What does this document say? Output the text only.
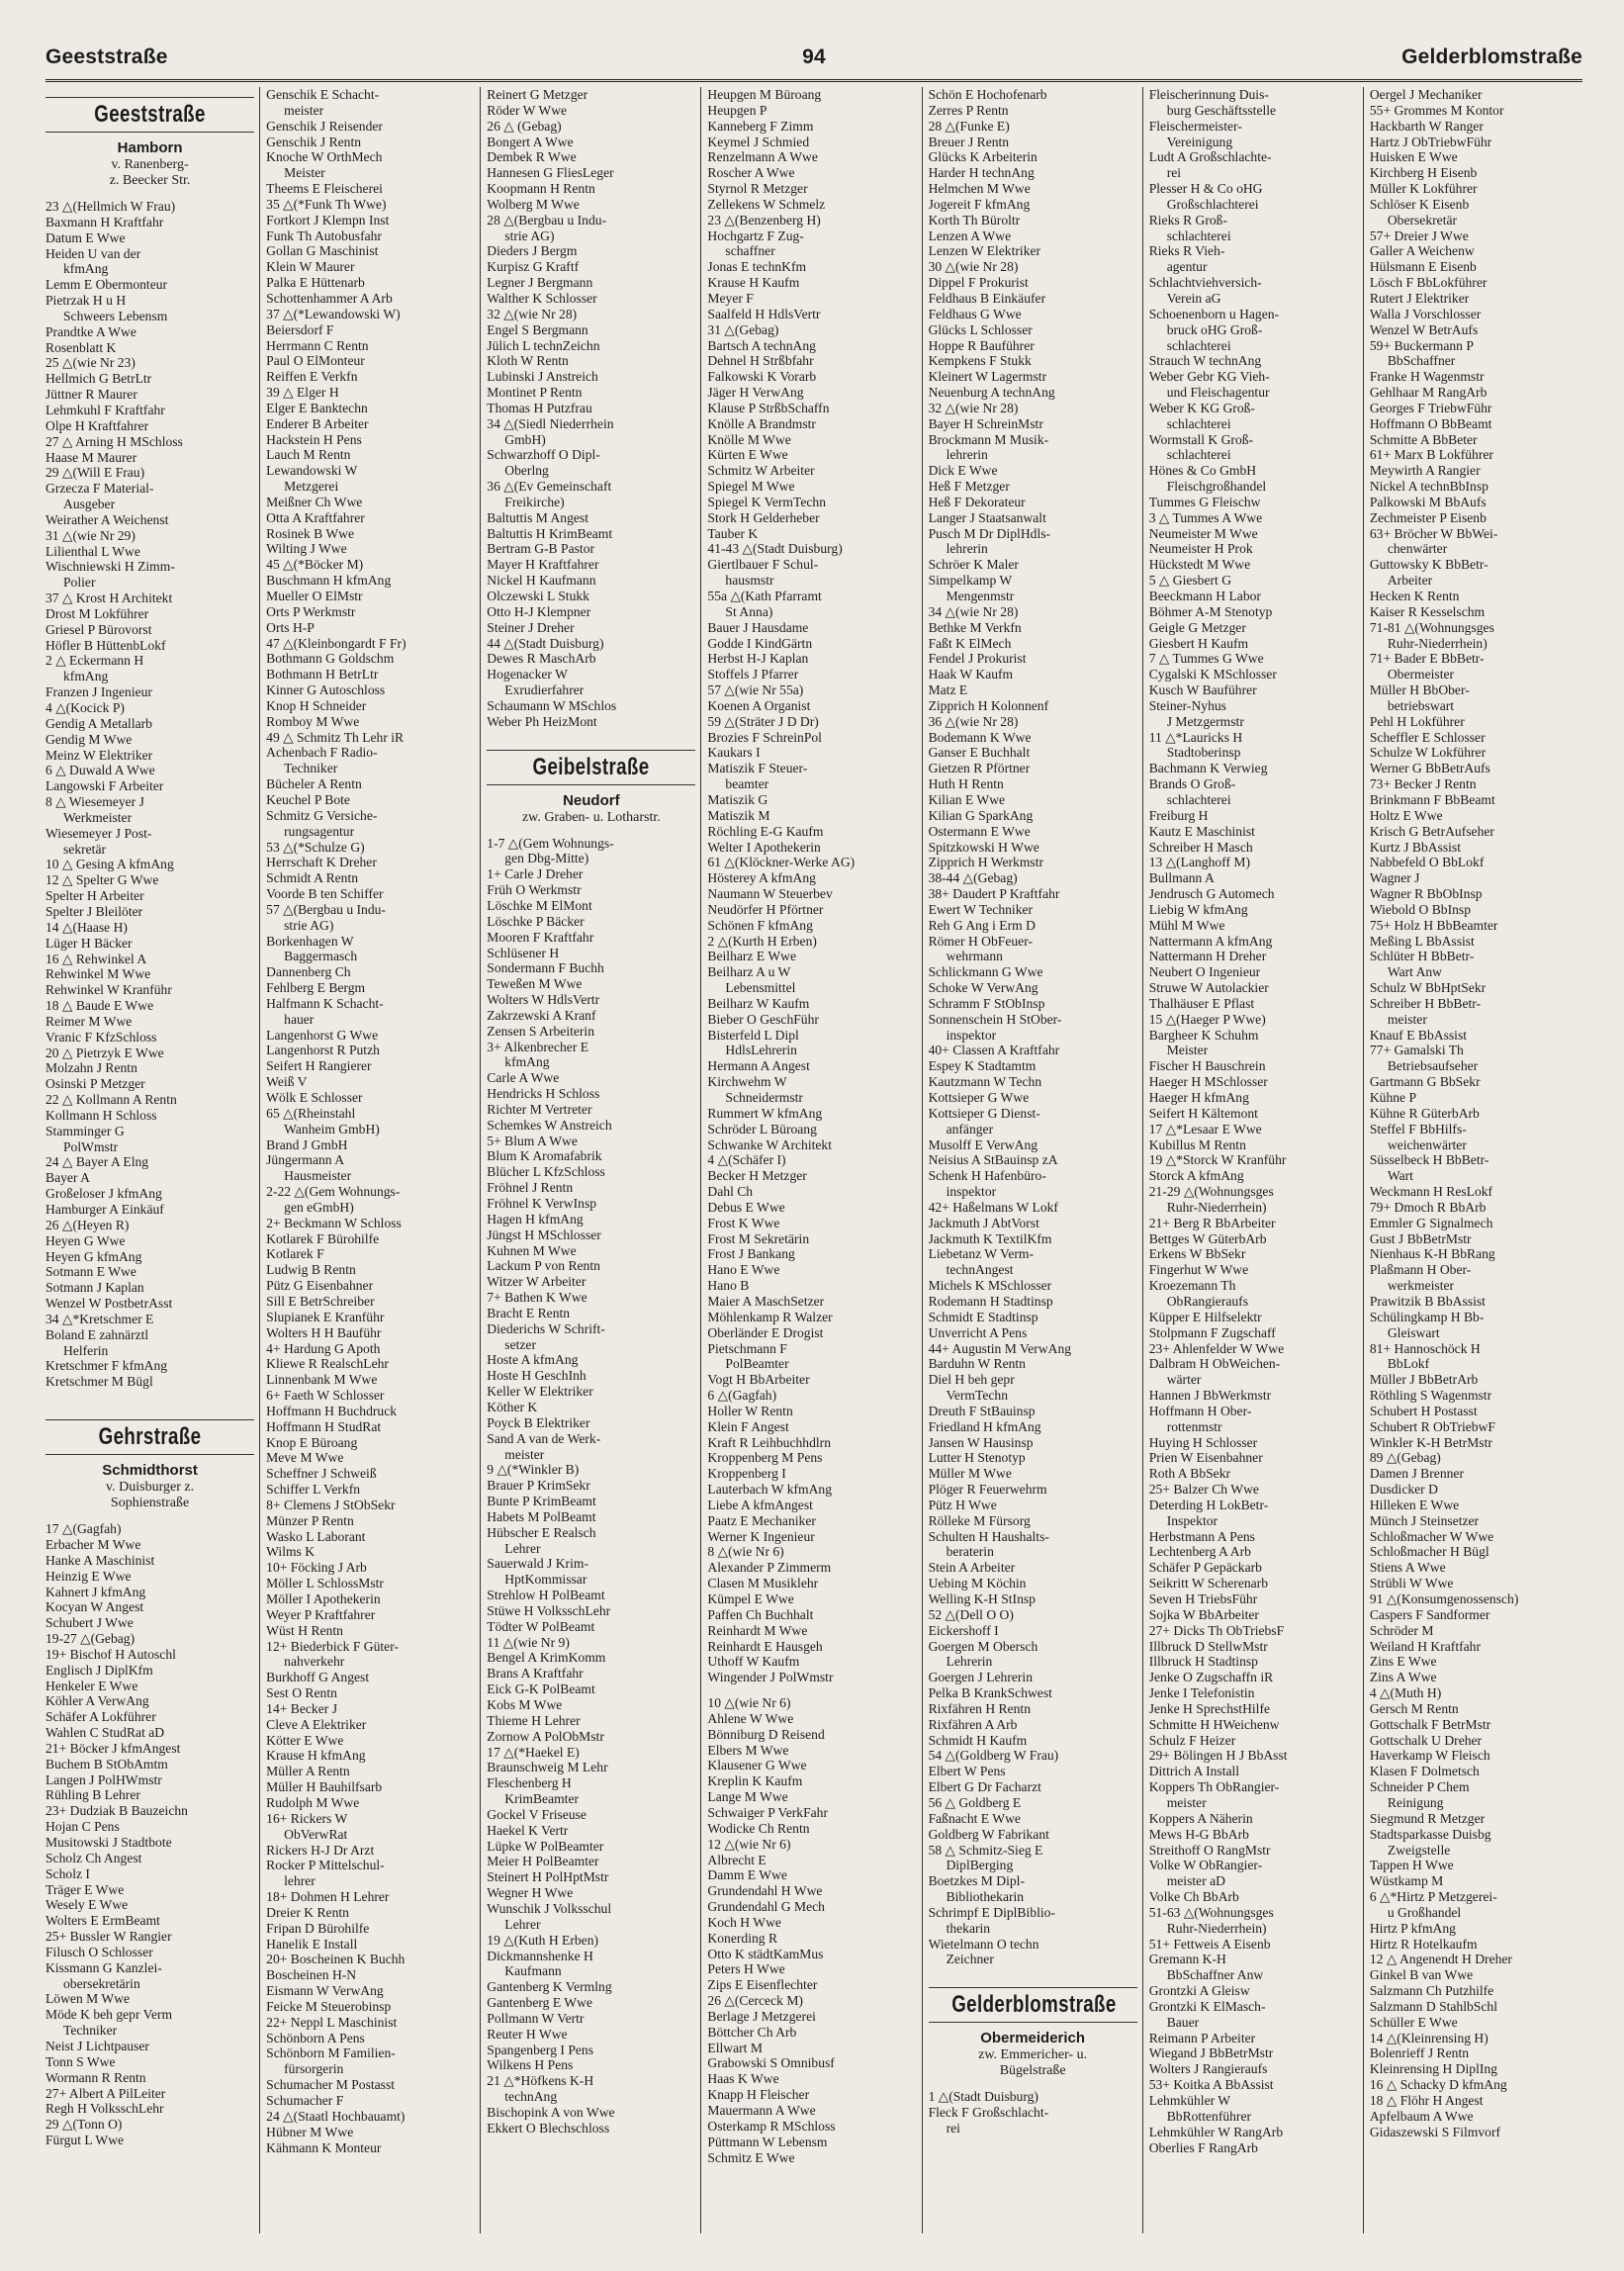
Geeststraße	94	Gelderblomstraße
Geeststraße
Hamborn
v. Ranenberg-
z. Beecker Str.
23 △(Hellmich W Frau)
Baxmann H Kraftfahr
Datum E Wwe
Heiden U van der
kfmAng
Lemm E Obermonteur
Pietrzak H u H
Schweers Lebensm
Prandtke A Wwe
Rosenblatt K
25 △(wie Nr 23)
Hellmich G BetrLtr
Jüttner R Maurer
Lehmkuhl F Kraftfahr
Olpe H Kraftfahrer
27 △ Arning H MSchloss
Haase M Maurer
29 △(Will E Frau)
Grzecza F Material-
Ausgeber
Weirather A Weichenst
31 △(wie Nr 29)
Lilienthal L Wwe
Wischniewski H Zimm-
Polier
37 △ Krost H Architekt
Drost M Lokführer
Griesel P Bürovorst
Höfler B HüttenbLokf
2 △ Eckermann H
kfmAng
Franzen J Ingenieur
4 △(Kocick P)
Gendig A Metallarb
Gendig M Wwe
Meinz W Elektriker
6 △ Duwald A Wwe
Langowski F Arbeiter
8 △ Wiesemeyer J
Werkmeister
Wiesemeyer J Post-
sekretär
10 △ Gesing A kfmAng
12 △ Spelter G Wwe
Spelter H Arbeiter
Spelter J Bleilöter
14 △(Haase H)
Lüger H Bäcker
16 △ Rehwinkel A
Rehwinkel M Wwe
Rehwinkel W Kranführ
18 △ Baude E Wwe
Reimer M Wwe
Vranic F KfzSchloss
20 △ Pietrzyk E Wwe
Molzahn J Rentn
Osinski P Metzger
22 △ Kollmann A Rentn
Kollmann H Schloss
Stamminger G
PolWmstr
24 △ Bayer A Elng
Bayer A
Großeloser J kfmAng
Hamburger A Einkäuf
26 △(Heyen R)
Heyen G Wwe
Heyen G kfmAng
Sotmann E Wwe
Sotmann J Kaplan
Wenzel W PostbetrAsst
34 △*Kretschmer E
Boland E zahnärztl
Helferin
Kretschmer F kfmAng
Kretschmer M Bügl
Gehrstraße
Schmidthorst
v. Duisburger z.
Sophienstraße
17 △(Gagfah)
Erbacher M Wwe
Hanke A Maschinist
Heinzig E Wwe
Kahnert J kfmAng
Kocyan W Angest
Schubert J Wwe
19-27 △(Gebag)
19+ Bischof H Autoschl
Englisch J DiplKfm
Henkeler E Wwe
Köhler A VerwAng
Schäfer A Lokführer
Wahlen C StudRat aD
21+ Böcker J kfmAngest
Buchem B StObAmtm
Langen J PolHWmstr
Rühling B Lehrer
23+ Dudziak B Bauzeichn
Hojan C Pens
Musitowski J Stadtbote
Scholz Ch Angest
Scholz I
Träger E Wwe
Wesely E Wwe
Wolters E ErmBeamt
25+ Bussler W Rangier
Filusch O Schlosser
Kissmann G Kanzlei-
obersekretärin
Löwen M Wwe
Möde K beh gepr Verm
Techniker
Neist J Lichtpauser
Tonn S Wwe
Wormann R Rentn
27+ Albert A PilLeiter
Regh H VolksschLehr
29 △(Tonn O)
Fürgut L Wwe
Genschik E Schacht-
meister
Genschik J Reisender
Genschik J Rentn
Knoche W OrthMech
Meister
Theems E Fleischerei
35 △(*Funk Th Wwe)
Fortkort J Klempn Inst
Funk Th Autobusfahr
Gollan G Maschinist
Klein W Maurer
Palka E Hüttenarb
Schottenhammer A Arb
37 △(*Lewandowski W)
Beiersdorf F
Herrmann C Rentn
Paul O ElMonteur
Reiffen E Verkfn
39 △ Elger H
Elger E Banktechn
Enderer B Arbeiter
Hackstein H Pens
Lauch M Rentn
Lewandowski W
Metzgerei
Meißner Ch Wwe
Otta A Kraftfahrer
Rosinek B Wwe
Wilting J Wwe
45 △(*Böcker M)
Buschmann H kfmAng
Mueller O ElMstr
Orts P Werkmstr
Orts H-P
47 △(Kleinbongardt F Fr)
Bothmann G Goldschm
Bothmann H BetrLtr
Kinner G Autoschloss
Knop H Schneider
Romboy M Wwe
49 △ Schmitz Th Lehr iR
Achenbach F Radio-
Techniker
Bücheler A Rentn
Keuchel P Bote
Schmitz G Versiche-
rungsagentur
53 △(*Schulze G)
Herrschaft K Dreher
Schmidt A Rentn
Voorde B ten Schiffer
57 △(Bergbau u Indu-
strie AG)
Borkenhagen W
Baggermasch
Dannenberg Ch
Fehlberg E Bergm
Halfmann K Schacht-
hauer
Langenhorst G Wwe
Langenhorst R Putzh
Seifert H Rangierer
Weiß V
Wölk E Schlosser
65 △(Rheinstahl
Wanheim GmbH)
Brand J GmbH
Jüngermann A
Hausmeister
2-22 △(Gem Wohnungs-
gen eGmbH)
2+ Beckmann W Schloss
Kotlarek F Bürohilfe
Kotlarek F
Ludwig B Rentn
Pütz G Eisenbahner
Sill E BetrSchreiber
Slupianek E Kranführ
Wolters H H Bauführ
4+ Hardung G Apoth
Kliewe R RealschLehr
Linnenbank M Wwe
6+ Faeth W Schlosser
Hoffmann H Buchdruck
Hoffmann H StudRat
Knop E Büroang
Meve M Wwe
Scheffner J Schweiß
Schiffer L Verkfn
8+ Clemens J StObSekr
Münzer P Rentn
Wasko L Laborant
Wilms K
10+ Föcking J Arb
Möller L SchlossMstr
Möller I Apothekerin
Weyer P Kraftfahrer
Wüst H Rentn
12+ Biederbick F Güter-
nahverkehr
Burkhoff G Angest
Sest O Rentn
14+ Becker J
Cleve A Elektriker
Kötter E Wwe
Krause H kfmAng
Müller A Rentn
Müller H Bauhilfsarb
Rudolph M Wwe
16+ Rickers W
ObVerwRat
Rickers H-J Dr Arzt
Rocker P Mittelschul-
lehrer
18+ Dohmen H Lehrer
Dreier K Rentn
Fripan D Bürohilfe
Hanelik E Install
20+ Boscheinen K Buchh
Boscheinen H-N
Eismann W VerwAng
Feicke M Steuerobinsp
22+ Neppl L Maschinist
Schönborn A Pens
Schönborn M Familien-
fürsorgerin
Schumacher M Postasst
Schumacher F
24 △(Staatl Hochbauamt)
Hübner M Wwe
Kähmann K Monteur
Reinert G Metzger
Röder W Wwe
26 △ (Gebag)
Bongert A Wwe
Dembek R Wwe
Hannesen G FliesLeger
Koopmann H Rentn
Wolberg M Wwe
28 △(Bergbau u Indu-
strie AG)
Dieders J Bergm
Kurpisz G Kraftf
Legner J Bergmann
Walther K Schlosser
32 △(wie Nr 28)
Engel S Bergmann
Jülich L technZeichn
Kloth W Rentn
Lubinski J Anstreich
Montinet P Rentn
Thomas H Putzfrau
34 △(Siedl Niederrhein
GmbH)
Schwarzhoff O Dipl-
Oberlng
36 △(Ev Gemeinschaft
Freikirche)
Baltuttis M Angest
Baltuttis H KrimBeamt
Bertram G-B Pastor
Mayer H Kraftfahrer
Nickel H Kaufmann
Olczewski L Stukk
Otto H-J Klempner
Steiner J Dreher
44 △(Stadt Duisburg)
Dewes R MaschArb
Hogenacker W
Exrudierfahrer
Schaumann W MSchlos
Weber Ph HeizMont
Geibelstraße
Neudorf
zw. Graben- u. Lotharstr.
1-7 △(Gem Wohnungs-
gen Dbg-Mitte)
1+ Carle J Dreher
Früh O Werkmstr
Löschke M ElMont
Löschke P Bäcker
Mooren F Kraftfahr
Schlüsener H
Sondermann F Buchh
Teweßen M Wwe
Wolters W HdlsVertr
Zakrzewski A Kranf
Zensen S Arbeiterin
3+ Alkenbrecher E
kfmAng
Carle A Wwe
Hendricks H Schloss
Richter M Vertreter
Schemkes W Anstreich
5+ Blum A Wwe
Blum K Aromafabrik
Blücher L KfzSchloss
Fröhnel J Rentn
Fröhnel K VerwInsp
Hagen H kfmAng
Jüngst H MSchlosser
Kuhnen M Wwe
Lackum P von Rentn
Witzer W Arbeiter
7+ Bathen K Wwe
Bracht E Rentn
Diederichs W Schrift-
setzer
Hoste A kfmAng
Hoste H GeschInh
Keller W Elektriker
Köther K
Poyck B Elektriker
Sand A van de Werk-
meister
9 △(*Winkler B)
Brauer P KrimSekr
Bunte P KrimBeamt
Habets M PolBeamt
Hübscher E Realsch
Lehrer
Sauerwald J Krim-
HptKommissar
Strehlow H PolBeamt
Stüwe H VolksschLehr
Tödter W PolBeamt
11 △(wie Nr 9)
Bengel A KrimKomm
Brans A Kraftfahr
Eick G-K PolBeamt
Kobs M Wwe
Thieme H Lehrer
Zornow A PolObMstr
17 △(*Haekel E)
Braunschweig M Lehr
Fleschenberg H
KrimBeamter
Gockel V Friseuse
Haekel K Vertr
Lüpke W PolBeamter
Meier H PolBeamter
Steinert H PolHptMstr
Wegner H Wwe
Wunschik J Volksschul
Lehrer
19 △(Kuth H Erben)
Dickmannshenke H
Kaufmann
Gantenberg K Vermlng
Gantenberg E Wwe
Pollmann W Vertr
Reuter H Wwe
Spangenberg I Pens
Wilkens H Pens
21 △*Höfkens K-H
technAng
Bischopink A von Wwe
Ekkert O Blechschloss
Heupgen M Büroang
Heupgen P
Kanneberg F Zimm
Keymel J Schmied
Renzelmann A Wwe
Roscher A Wwe
Styrnol R Metzger
Zellekens W Schmelz
23 △(Benzenberg H)
Hochgartz F Zug-
schaffner
Jonas E technKfm
Krause H Kaufm
Meyer F
Saalfeld H HdlsVertr
31 △(Gebag)
Bartsch A technAng
Dehnel H Strßbfahr
Falkowski K Vorarb
Jäger H VerwAng
Klause P StrßbSchaffn
Knölle A Brandmstr
Knölle M Wwe
Kürten E Wwe
Schmitz W Arbeiter
Spiegel M Wwe
Spiegel K VermTechn
Stork H Gelderheber
Tauber K
41-43 △(Stadt Duisburg)
Giertlbauer F Schul-
hausmstr
55a △(Kath Pfarramt
St Anna)
Bauer J Hausdame
Godde I KindGärtn
Herbst H-J Kaplan
Stoffels J Pfarrer
57 △(wie Nr 55a)
Koenen A Organist
59 △(Sträter J D Dr)
Brozies F SchreinPol
Kaukars I
Matiszik F Steuer-
beamter
Matiszik G
Matiszik M
Röchling E-G Kaufm
Welter I Apothekerin
61 △(Klöckner-Werke AG)
Hösterey A kfmAng
Naumann W Steuerbev
Neudörfer H Pförtner
Schönen F kfmAng
2 △(Kurth H Erben)
Beilharz E Wwe
Beilharz A u W
Lebensmittel
Beilharz W Kaufm
Bieber O GeschFühr
Bisterfeld L Dipl
HdlsLehrerin
Hermann A Angest
Kirchwehm W
Schneidermstr
Rummert W kfmAng
Schröder L Büroang
Schwanke W Architekt
4 △(Schäfer I)
Becker H Metzger
Dahl Ch
Debus E Wwe
Frost K Wwe
Frost M Sekretärin
Frost J Bankang
Hano E Wwe
Hano B
Maier A MaschSetzer
Möhlenkamp R Walzer
Oberländer E Drogist
Pietschmann F
PolBeamter
Vogt H BbArbeiter
6 △(Gagfah)
Holler W Rentn
Klein F Angest
Kraft R Leihbuchhdlrn
Kroppenberg M Pens
Kroppenberg I
Lauterbach W kfmAng
Liebe A kfmAngest
Paatz E Mechaniker
Werner K Ingenieur
8 △(wie Nr 6)
Alexander P Zimmerm
Clasen M Musiklehr
Kümpel E Wwe
Paffen Ch Buchhalt
Reinhardt M Wwe
Reinhardt E Hausgeh
Uthoff W Kaufm
Wingender J PolWmstr
10 △(wie Nr 6)
Ahlene W Wwe
Bönniburg D Reisend
Elbers M Wwe
Klausener G Wwe
Kreplin K Kaufm
Lange M Wwe
Schwaiger P VerkFahr
Wodicke Ch Rentn
12 △(wie Nr 6)
Albrecht E
Damm E Wwe
Grundendahl H Wwe
Grundendahl G Mech
Koch H Wwe
Konerding R
Otto K städtKamMus
Peters H Wwe
Zips E Eisenflechter
26 △(Cerceck M)
Berlage J Metzgerei
Böttcher Ch Arb
Ellwart M
Grabowski S Omnibusf
Haas K Wwe
Knapp H Fleischer
Mauermann A Wwe
Osterkamp R MSchloss
Püttmann W Lebensm
Schmitz E Wwe
Schön E Hochofenarb
Zerres P Rentn
28 △(Funke E)
Breuer J Rentn
Glücks K Arbeiterin
Harder H technAng
Helmchen M Wwe
Jogereit F kfmAng
Korth Th Büroltr
Lenzen A Wwe
Lenzen W Elektriker
30 △(wie Nr 28)
Dippel F Prokurist
Feldhaus B Einkäufer
Feldhaus G Wwe
Glücks L Schlosser
Hoppe R Bauführer
Kempkens F Stukk
Kleinert W Lagermstr
Neuenburg A technAng
32 △(wie Nr 28)
Bayer H SchreinMstr
Brockmann M Musik-
lehrerin
Dick E Wwe
Heß F Metzger
Heß F Dekorateur
Langer J Staatsanwalt
Pusch M Dr DiplHdls-
lehrerin
Schröer K Maler
Simpelkamp W
Mengenmstr
34 △(wie Nr 28)
Bethke M Verkfn
Faßt K ElMech
Fendel J Prokurist
Haak W Kaufm
Matz E
Zipprich H Kolonnenf
36 △(wie Nr 28)
Bodemann K Wwe
Ganser E Buchhalt
Gietzen R Pförtner
Huth H Rentn
Kilian E Wwe
Kilian G SparkAng
Ostermann E Wwe
Spitzkowski H Wwe
Zipprich H Werkmstr
38-44 △(Gebag)
38+ Daudert P Kraftfahr
Ewert W Techniker
Reh G Ang i Erm D
Römer H ObFeuer-
wehrmann
Schlickmann G Wwe
Schoke W VerwAng
Schramm F StObInsp
Sonnenschein H StOber-
inspektor
40+ Classen A Kraftfahr
Espey K Stadtamtm
Kautzmann W Techn
Kottsieper G Wwe
Kottsieper G Dienst-
anfänger
Musolff E VerwAng
Neisius A StBauinsp zA
Schenk H Hafenbüro-
inspektor
42+ Haßelmans W Lokf
Jackmuth J AbtVorst
Jackmuth K TextilKfm
Liebetanz W Verm-
technAngest
Michels K MSchlosser
Rodemann H Stadtinsp
Schmidt E Stadtinsp
Unverricht A Pens
44+ Augustin M VerwAng
Barduhn W Rentn
Diel H beh gepr
VermTechn
Dreuth F StBauinsp
Friedland H kfmAng
Jansen W Hausinsp
Lutter H Stenotyp
Müller M Wwe
Plöger R Feuerwehrm
Pütz H Wwe
Rölleke M Fürsorg
Schulten H Haushalts-
beraterin
Stein A Arbeiter
Uebing M Köchin
Welling K-H StInsp
52 △(Dell O O)
Eickershoff I
Goergen M Obersch
Lehrerin
Goergen J Lehrerin
Pelka B KrankSchwest
Rixfähren H Rentn
Rixfähren A Arb
Schmidt H Kaufm
54 △(Goldberg W Frau)
Elbert W Pens
Elbert G Dr Facharzt
56 △ Goldberg E
Faßnacht E Wwe
Goldberg W Fabrikant
58 △ Schmitz-Sieg E
DiplBerging
Boetzkes M Dipl-
Bibliothekarin
Schrimpf E DiplBiblio-
thekarin
Wietelmann O techn
Zeichner
Gelderblomstraße
Obermeiderich
zw. Emmericher- u.
Bügelstraße
1 △(Stadt Duisburg)
Fleck F Großschlacht-
rei
Fleischerinnung Duis-
burg Geschäftsstelle
Fleischermeister-
Vereinigung
Ludt A Großschlachte-
rei
Plesser H & Co oHG
Großschlachterei
Rieks R Groß-
schlachterei
Rieks R Vieh-
agentur
Schlachtviehversich-
Verein aG
Schoenenborn u Hagen-
bruck oHG Groß-
schlachterei
Strauch W technAng
Weber Gebr KG Vieh-
und Fleischagentur
Weber K KG Groß-
schlachterei
Wormstall K Groß-
schlachterei
Hönes & Co GmbH
Fleischgroßhandel
Tummes G Fleischw
3 △ Tummes A Wwe
Neumeister M Wwe
Neumeister H Prok
Hückstedt M Wwe
5 △ Giesbert G
Beeckmann H Labor
Böhmer A-M Stenotyp
Geigle G Metzger
Giesbert H Kaufm
7 △ Tummes G Wwe
Cygalski K MSchlosser
Kusch W Bauführer
Steiner-Nyhus
J Metzgermstr
11 △*Lauricks H
Stadtoberinsp
Bachmann K Verwieg
Brands O Groß-
schlachterei
Freiburg H
Kautz E Maschinist
Schreiber H Masch
13 △(Langhoff M)
Bullmann A
Jendrusch G Automech
Liebig W kfmAng
Mühl M Wwe
Nattermann A kfmAng
Nattermann H Dreher
Neubert O Ingenieur
Struwe W Autolackier
Thalhäuser E Pflast
15 △(Haeger P Wwe)
Bargheer K Schuhm
Meister
Fischer H Bauschrein
Haeger H MSchlosser
Haeger H kfmAng
Seifert H Kältemont
17 △*Lesaar E Wwe
Kubillus M Rentn
19 △*Storck W Kranführ
Storck A kfmAng
21-29 △(Wohnungsges
Ruhr-Niederrhein)
21+ Berg R BbArbeiter
Bettges W GüterbArb
Erkens W BbSekr
Fingerhut W Wwe
Kroezemann Th
ObRangieraufs
Küpper E Hilfselektr
Stolpmann F Zugschaff
23+ Ahlenfelder W Wwe
Dalbram H ObWeichen-
wärter
Hannen J BbWerkmstr
Hoffmann H Ober-
rottenmstr
Huying H Schlosser
Prien W Eisenbahner
Roth A BbSekr
25+ Balzer Ch Wwe
Deterding H LokBetr-
Inspektor
Herbstmann A Pens
Lechtenberg A Arb
Schäfer P Gepäckarb
Seikritt W Scherenarb
Seven H TriebsFühr
Sojka W BbArbeiter
27+ Dicks Th ObTriebsF
Illbruck D StellwMstr
Illbruck H Stadtinsp
Jenke O Zugschaffn iR
Jenke I Telefonistin
Jenke H SprechstHilfe
Schmitte H HWeichenw
Schulz F Heizer
29+ Bölingen H J BbAsst
Dittrich A Install
Koppers Th ObRangier-
meister
Koppers A Näherin
Mews H-G BbArb
Streithoff O RangMstr
Volke W ObRangier-
meister aD
Volke Ch BbArb
51-63 △(Wohnungsges
Ruhr-Niederrhein)
51+ Fettweis A Eisenb
Gremann K-H
BbSchaffner Anw
Grontzki A Gleisw
Grontzki K ElMasch-
Bauer
Reimann P Arbeiter
Wiegand J BbBetrMstr
Wolters J Rangieraufs
53+ Koitka A BbAssist
Lehmkühler W
BbRottenführer
Lehmkühler W RangArb
Oberlies F RangArb
Oergel J Mechaniker
55+ Grommes M Kontor
Hackbarth W Ranger
Hartz J ObTriebwFühr
Huisken E Wwe
Kirchberg H Eisenb
Müller K Lokführer
Schlöser K Eisenb
Obersekretär
57+ Dreier J Wwe
Galler A Weichenw
Hülsmann E Eisenb
Lösch F BbLokführer
Rutert J Elektriker
Walla J Vorschlosser
Wenzel W BetrAufs
59+ Buckermann P
BbSchaffner
Franke H Wagenmstr
Gehlhaar M RangArb
Georges F TriebwFühr
Hoffmann O BbBeamt
Schmitte A BbBeter
61+ Marx B Lokführer
Meywirth A Rangier
Nickel A technBbInsp
Palkowski M BbAufs
Zechmeister P Eisenb
63+ Bröcher W BbWei-
chenwärter
Guttowsky K BbBetr-
Arbeiter
Hecken K Rentn
Kaiser R Kesselschm
71-81 △(Wohnungsges
Ruhr-Niederrhein)
71+ Bader E BbBetr-
Obermeister
Müller H BbOber-
betriebswart
Pehl H Lokführer
Scheffler E Schlosser
Schulze W Lokführer
Werner G BbBetrAufs
73+ Becker J Rentn
Brinkmann F BbBeamt
Holtz E Wwe
Krisch G BetrAufseher
Kurtz J BbAssist
Nabbefeld O BbLokf
Wagner J
Wagner R BbObInsp
Wiebold O BbInsp
75+ Holz H BbBeamter
Meßing L BbAssist
Schlüter H BbBetr-
Wart Anw
Schulz W BbHptSekr
Schreiber H BbBetr-
meister
Knauf E BbAssist
77+ Gamalski Th
Betriebsaufseher
Gartmann G BbSekr
Kühne P
Kühne R GüterbArb
Steffel F BbHilfs-
weichenwärter
Süsselbeck H BbBetr-
Wart
Weckmann H ResLokf
79+ Dmoch R BbArb
Emmler G Signalmech
Gust J BbBetrMstr
Nienhaus K-H BbRang
Plaßmann H Ober-
werkmeister
Prawitzik B BbAssist
Schülingkamp H Bb-
Gleiswart
81+ Hannoschöck H
BbLokf
Müller J BbBetrArb
Röthling S Wagenmstr
Schubert H Postasst
Schubert R ObTriebwF
Winkler K-H BetrMstr
89 △(Gebag)
Damen J Brenner
Dusdicker D
Hilleken E Wwe
Münch J Steinsetzer
Schloßmacher W Wwe
Schloßmacher H Bügl
Stiens A Wwe
Strübli W Wwe
91 △(Konsumgenossensch)
Caspers F Sandformer
Schröder M
Weiland H Kraftfahr
Zins E Wwe
Zins A Wwe
4 △(Muth H)
Gersch M Rentn
Gottschalk F BetrMstr
Gottschalk U Dreher
Haverkamp W Fleisch
Klasen F Dolmetsch
Schneider P Chem
Reinigung
Siegmund R Metzger
Stadtsparkasse Duisbg
Zweigstelle
Tappen H Wwe
Wüstkamp M
6 △*Hirtz P Metzgerei-
u Großhandel
Hirtz P kfmAng
Hirtz R Hotelkaufm
12 △ Angenendt H Dreher
Ginkel B van Wwe
Salzmann Ch Putzhilfe
Salzmann D StahlbSchl
Schüller E Wwe
14 △(Kleinrensing H)
Bolenrieff J Rentn
Kleinrensing H DiplIng
16 △ Schacky D kfmAng
18 △ Flöhr H Angest
Apfelbaum A Wwe
Gidaszewski S Filmvorf
